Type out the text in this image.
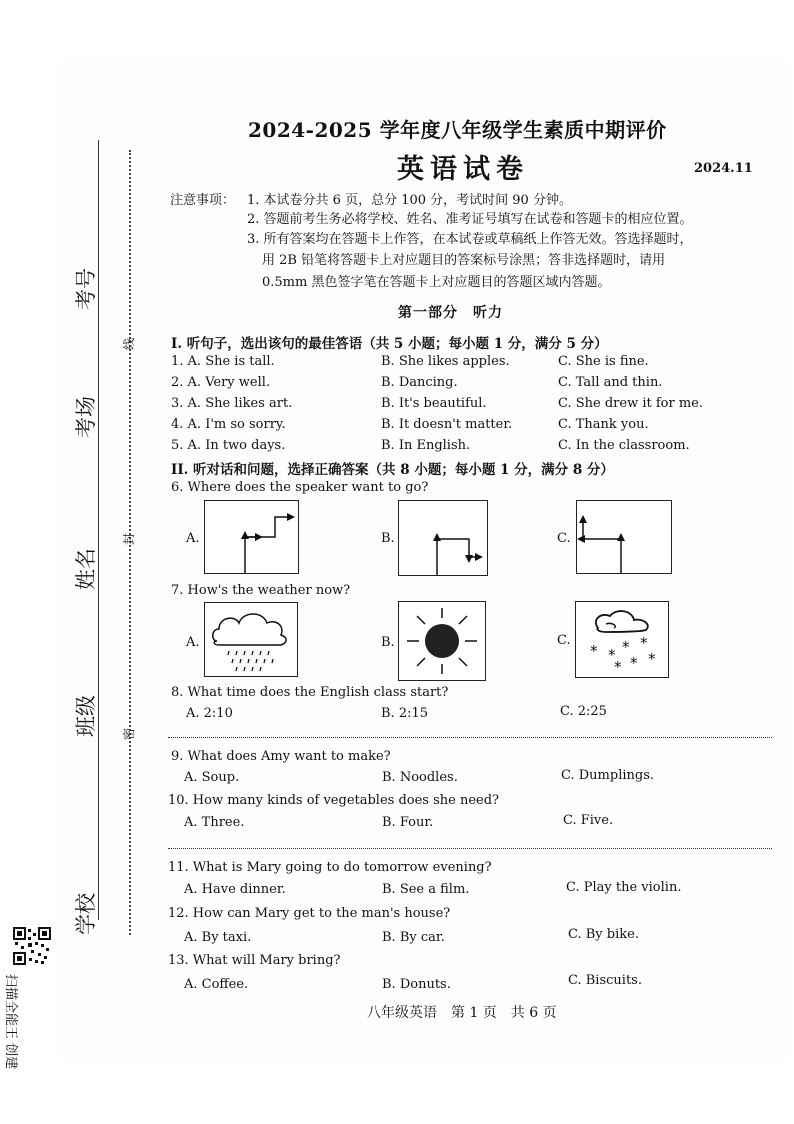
考号
考场
姓名
班级
学校
线
封
密
2024-2025 学年度八年级学生素质中期评价
英语试卷	2024.11
注意事项： 1. 本试卷分共 6 页，总分 100 分，考试时间 90 分钟。
2. 答题前考生务必将学校、姓名、准考证号填写在试卷和答题卡的相应位置。
3. 所有答案均在答题卡上作答，在本试卷或草稿纸上作答无效。答选择题时，
用 2B 铅笔将答题卡上对应题目的答案标号涂黑；答非选择题时，请用
0.5mm 黑色签字笔在答题卡上对应题目的答题区域内答题。
第一部分　听力
I. 听句子，选出该句的最佳答语（共 5 小题；每小题 1 分，满分 5 分）
1. A. She is tall.	B. She likes apples.	C. She is fine.
2. A. Very well.	B. Dancing.	C. Tall and thin.
3. A. She likes art.	B. It's beautiful.	C. She drew it for me.
4. A. I'm so sorry.	B. It doesn't matter.	C. Thank you.
5. A. In two days.	B. In English.	C. In the classroom.
II. 听对话和问题，选择正确答案（共 8 小题；每小题 1 分，满分 8 分）
6. Where does the speaker want to go?
A.	B.	C.
7. How's the weather now?
A.	B.	C.
* * * *
* * *
8. What time does the English class start?
A. 2:10	B. 2:15	C. 2:25
9. What does Amy want to make?
A. Soup.	B. Noodles.	C. Dumplings.
10. How many kinds of vegetables does she need?
A. Three.	B. Four.	C. Five.
11. What is Mary going to do tomorrow evening?
A. Have dinner.	B. See a film.	C. Play the violin.
12. How can Mary get to the man's house?
A. By taxi.	B. By car.	C. By bike.
13. What will Mary bring?
A. Coffee.	B. Donuts.	C. Biscuits.
八年级英语　第 1 页　共 6 页
扫描全能王 创建
